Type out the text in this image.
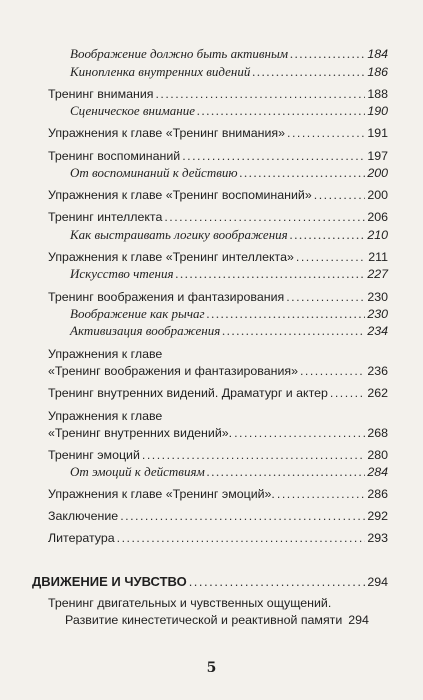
Воображение должно быть активным .....	184
Кинопленка внутренних видений .....	186
Тренинг внимания .....	188
Сценическое внимание .....	190
Упражнения к главе «Тренинг внимания» .....	191
Тренинг воспоминаний .....	197
От воспоминаний к действию .....	200
Упражнения к главе «Тренинг воспоминаний» .....	200
Тренинг интеллекта .....	206
Как выстраивать логику воображения .....	210
Упражнения к главе «Тренинг интеллекта» .....	211
Искусство чтения .....	227
Тренинг воображения и фантазирования .....	230
Воображение как рычаг .....	230
Активизация воображения .....	234
Упражнения к главе
«Тренинг воображения и фантазирования» .....	236
Тренинг внутренних видений. Драматург и актер .....	262
Упражнения к главе
«Тренинг внутренних видений». .....	268
Тренинг эмоций .....	280
От эмоций к действиям .....	284
Упражнения к главе «Тренинг эмоций». .....	286
Заключение .....	292
Литература .....	293
ДВИЖЕНИЕ И ЧУВСТВО .....	294
Тренинг двигательных и чувственных ощущений.
Развитие кинестетической и реактивной памяти 294
5
